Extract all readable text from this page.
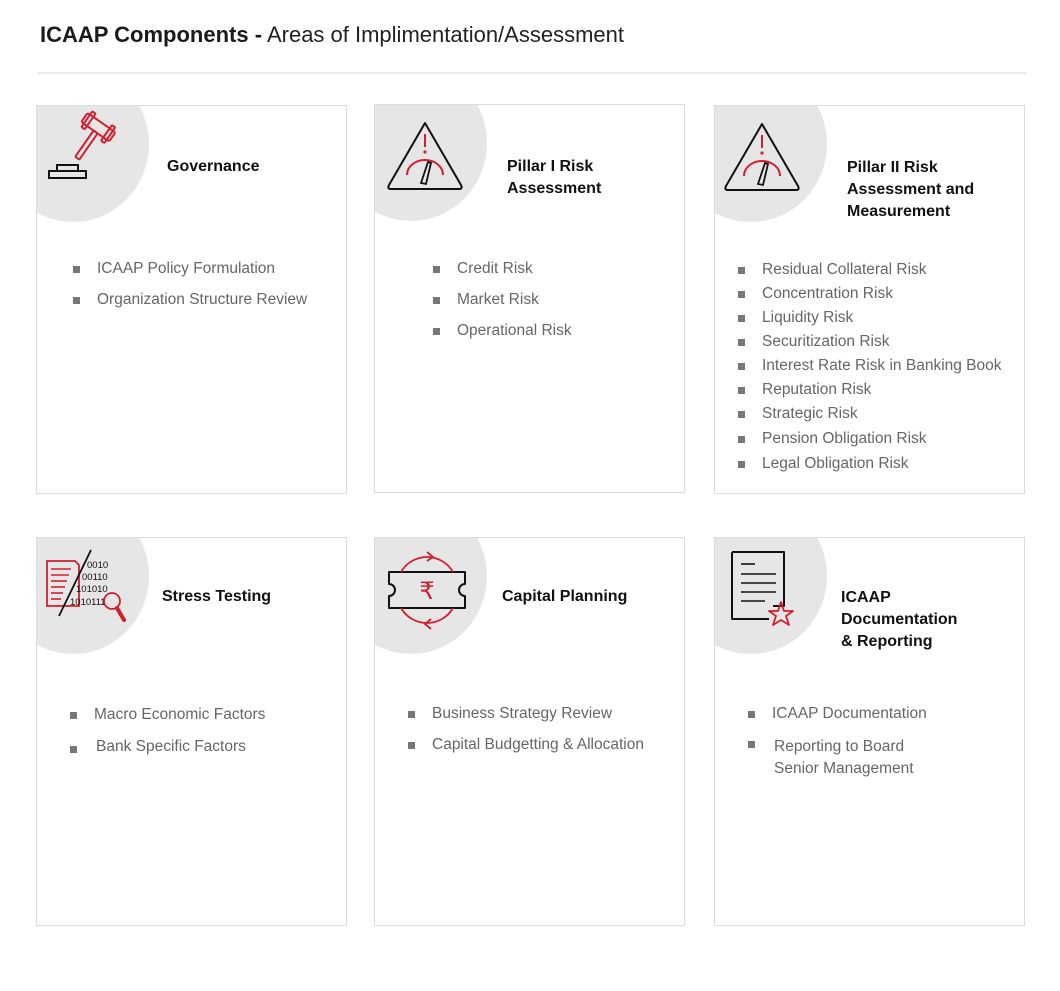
ICAAP Components - Areas of Implimentation/Assessment
Governance
ICAAP Policy Formulation
Organization Structure Review
Pillar I Risk
Assessment
Credit Risk
Market Risk
Operational Risk
Pillar II Risk
Assessment and
Measurement
Residual Collateral Risk
Concentration Risk
Liquidity Risk
Securitization Risk
Interest Rate Risk in Banking Book
Reputation Risk
Strategic Risk
Pension Obligation Risk
Legal Obligation Risk
0010 00110 101010 1010111	Stress Testing
Macro Economic Factors
Bank Specific Factors
₹	Capital Planning
Business Strategy Review
Capital Budgetting & Allocation
ICAAP
Documentation
& Reporting
ICAAP Documentation
Reporting to Board
Senior Management
